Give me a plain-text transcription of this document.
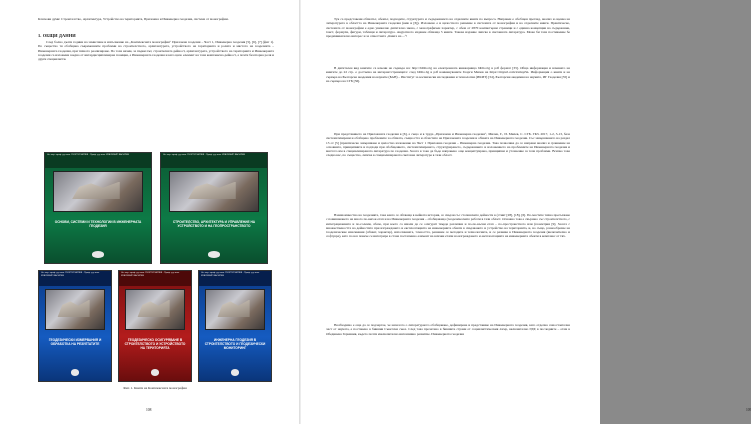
Ключови думи: Строителство, Архитектура, Устройство на територията, Приложна и Инженерна геодезия, система от монографии.

1. ОБЩИ ДАННИ

След болно дълги години на замисляне и изпълнение на „Комплексната монография“ Приложна геодезия – Част 1, Инженерна геодезия [5], [6], [7] (фиг 1). По същество тя обобщава съвременните проблеми на строителството, архитектурата, устройството на територията и ролята и мястото на геодезията – Инженерната геодезия, при тяхното реализиране. По този начин, за първи път, строителната дейност, архитектурата, устройството на територията и Инженерната геодезия са изложени заедно от интердисциплинарна позиция, а Инженерната геодезия и като цяло елемент на тази комплексна дейност, а почти безспорна роля и други специалисти.

Чл.-кор. проф. д-р инж. ГЕОРГИ МИЛЕВ · Проф. д-р инж. КРАСИМИР ВАСИЛЕВ
ОСНОВИ, СИСТЕМИ И ТЕХНОЛОГИИ В ИНЖЕНЕРНАТА ГЕОДЕЗИЯ
Чл.-кор. проф. д-р инж. ГЕОРГИ МИЛЕВ · Проф. д-р инж. КРАСИМИР ВАСИЛЕВ
СТРОИТЕЛСТВО, АРХИТЕКТУРА И УПРАВЛЕНИЕ НА УСТРОЙСТВОТО И НА ГЕОПРОСТРАНСТВОТО
Чл.-кор. проф. д-р инж. ГЕОРГИ МИЛЕВ · Проф. д-р инж. КРАСИМИР ВАСИЛЕВ
ГЕОДЕЗИЧЕСКИ ИЗМЕРВАНИЯ И ОБРАБОТКА НА РЕЗУЛТАТИТЕ
Чл.-кор. проф. д-р инж. ГЕОРГИ МИЛЕВ · Проф. д-р инж. КРАСИМИР ВАСИЛЕВ
ГЕОДЕЗИЧЕСКО ОСИГУРЯВАНЕ В СТРОИТЕЛСТВОТО И УСТРОЙСТВОТО НА ТЕРИТОРИЯТА
Чл.-кор. проф. д-р инж. ГЕОРГИ МИЛЕВ · Проф. д-р инж. КРАСИМИР ВАСИЛЕВ
ИНЖЕНЕРНА ГЕОДЕЗИЯ В СТРОИТЕЛСТВОТО И ГЕОДЕЗИЧЕСКИ МОНИТОРИНГ

Фиг. 1. Книги на Комплексната монография

108

Тук са представени обхватът, обемът, подходите, структурата и съдържанието на отделните книги по въпроса. Направен е обобщен преглед, анализ и оценка на литературата в областта на Инженерната геодезия (виж и [6]). Изложено е и цялостното решение в системата от монографии и на отделните книги. Практическо, системата от монографии е едно уникално дигитално звено, с монографичен характер, с обем от 2870 компютърни страници и с единна концепция на съдържание, текст, формули, фигури, таблици и литература. Акуратното издание обхваща 5 книги. Такова издание липсва в световната литература. Може би тази постижение бе предизвикателно интерес и за отместната „Книга на ...“!

В дигитален вид книгите са качени на сървъра на: http://biblio.bg на електронната книжарница biblio.bg в pdf формат [33]. Обща информация и начинато на книгите до 22 стр. е достъпна на интернетстраницата: след biblio.bg в pdf наименуваните Георги Милев на https://tinyurl.com/xxmqz5n. Информация о книги и на сървъра на Българска академия на науките (БАН) – Институт за космически изследвания и технологии (ИКИТ) [34], Български академия на науките, ИГ Геодезия [35] и на сървъра на СГБ [36].

При представянето на Приложната геодезия в [6], а също и в труда „Приложна и Инженерна геодезия“, Милев, Г., И. Милев, С. СГБ. ГКЗ. 2017, 1-2, 3-13, беза систематизирани и обобщено проблемите за обхвата, същността и областите на Приложната геодезия и обхвата на Инженерната геодезия. Със завършването на раздел 13 от [5] (практическо завършване и цялостно изложение на Част 1 Приложна геодезия – Инженерна геодезия. Това позволява да се направи анализ и сравнение на основните, принципните и подходи при обобщението, систематизирането, структурирането, съдържанието и изложението на проблемите на Инженерната геодезия и мястото им в специализираната литература по геодезия. Засега в тока да бъде направено още концептуирана, принципни и уточнение за тези проблеми. Всичко това следва вас, по същество, липсва в специализираната световна литература в тази област.

Взаимоизвестно на геодезията, така както се обхваща в нейната история, се свързи със стопанските дейности в (стият [28], [18], [6]. По-мастите тяхна пресъхване с повишаването на много по-висок етап и на Инженерната геодезия – обобщаваща (геодезическите работи в тази област. Основно това е свързано със строителството, с интеграционните и по-големи, обаче, при което са имали да се осигурят твърде различни и по-по-късни етап – по-пространството или (геометрия [9]. Засега с множествеността на дейностите при изграждането и експлоатацията на инженерните обекти в свързването и устройство на територията, и, но също, разнообразие на теодезические изисквания (обхват, характер), използваната, точността, решение се методите и технологиите, и се развива в Инженерната геодезия (включително и софтуера), като по все повече се интегрира в стана постепенно елемент на всички етапи на изграждането и експлоатацията на инженерните обекти в комплекс от тях.

Необходимо е още да се подчертае, че началото о литературното обобщаване, дефиниране и представяне на Инженерната геодезия, като отделна самостоятелна част от науката, е поставено в бившия Съветски съюз. След това прочетено в бившите страни от социалистическия лагер, включително ГДР, в последните – отам в Обединена Германия, където почти изключително интензивно развитие. Инженерната геодезия

109
